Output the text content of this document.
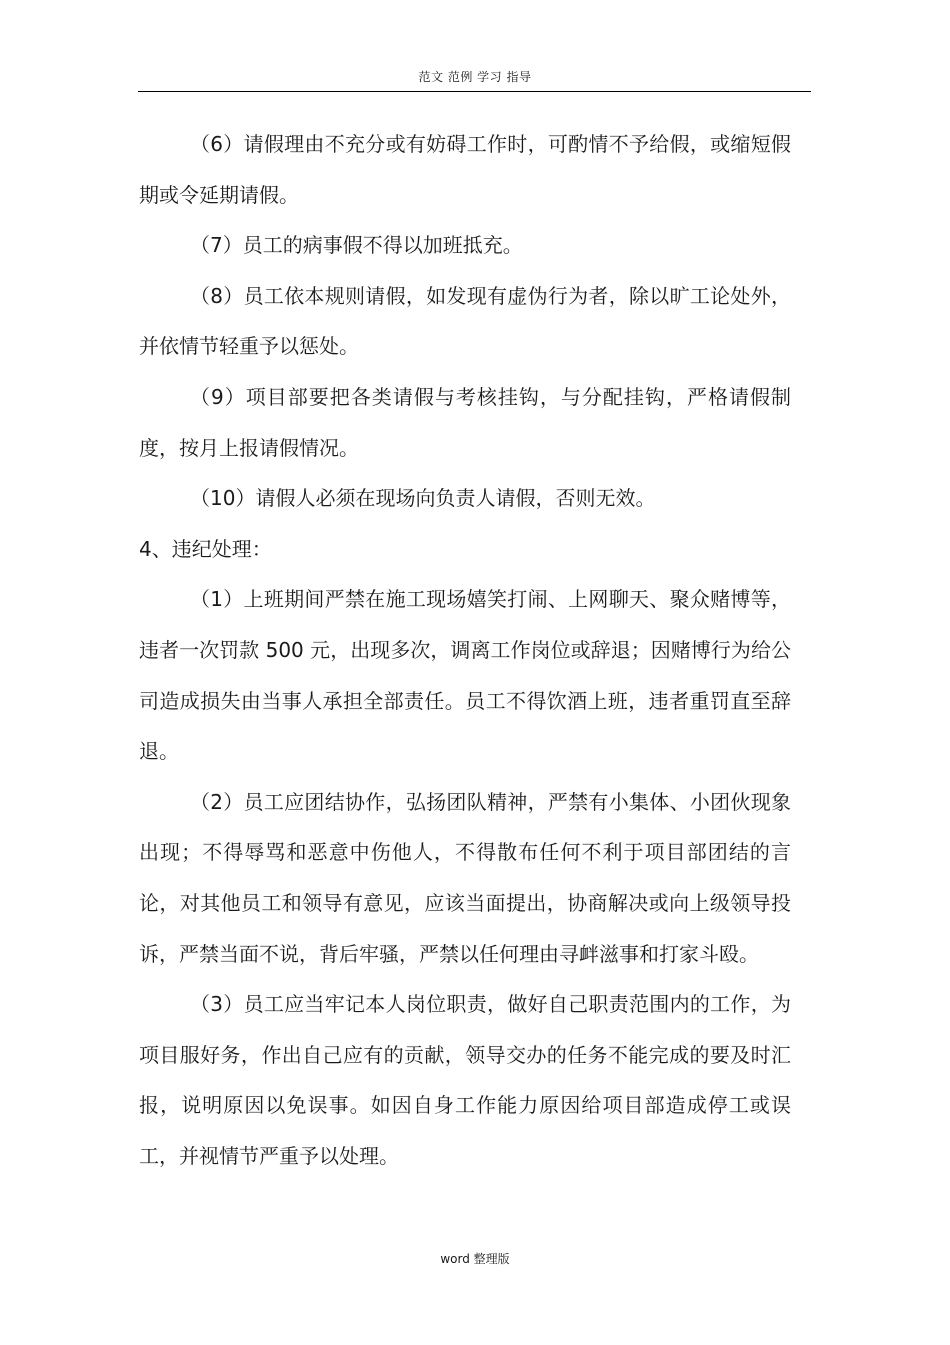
范文 范例 学习 指导

（6）请假理由不充分或有妨碍工作时，可酌情不予给假，或缩短假期或令延期请假。

（7）员工的病事假不得以加班抵充。

（8）员工依本规则请假，如发现有虚伪行为者，除以旷工论处外，并依情节轻重予以惩处。

（9）项目部要把各类请假与考核挂钩，与分配挂钩，严格请假制度，按月上报请假情况。

（10）请假人必须在现场向负责人请假，否则无效。

4、违纪处理：

（1）上班期间严禁在施工现场嬉笑打闹、上网聊天、聚众赌博等，违者一次罚款 500 元，出现多次，调离工作岗位或辞退；因赌博行为给公司造成损失由当事人承担全部责任。员工不得饮酒上班，违者重罚直至辞退。

（2）员工应团结协作，弘扬团队精神，严禁有小集体、小团伙现象出现；不得辱骂和恶意中伤他人，不得散布任何不利于项目部团结的言论，对其他员工和领导有意见，应该当面提出，协商解决或向上级领导投诉，严禁当面不说，背后牢骚，严禁以任何理由寻衅滋事和打家斗殴。

（3）员工应当牢记本人岗位职责，做好自己职责范围内的工作，为项目服好务，作出自己应有的贡献，领导交办的任务不能完成的要及时汇报，说明原因以免误事。如因自身工作能力原因给项目部造成停工或误工，并视情节严重予以处理。

word 整理版
